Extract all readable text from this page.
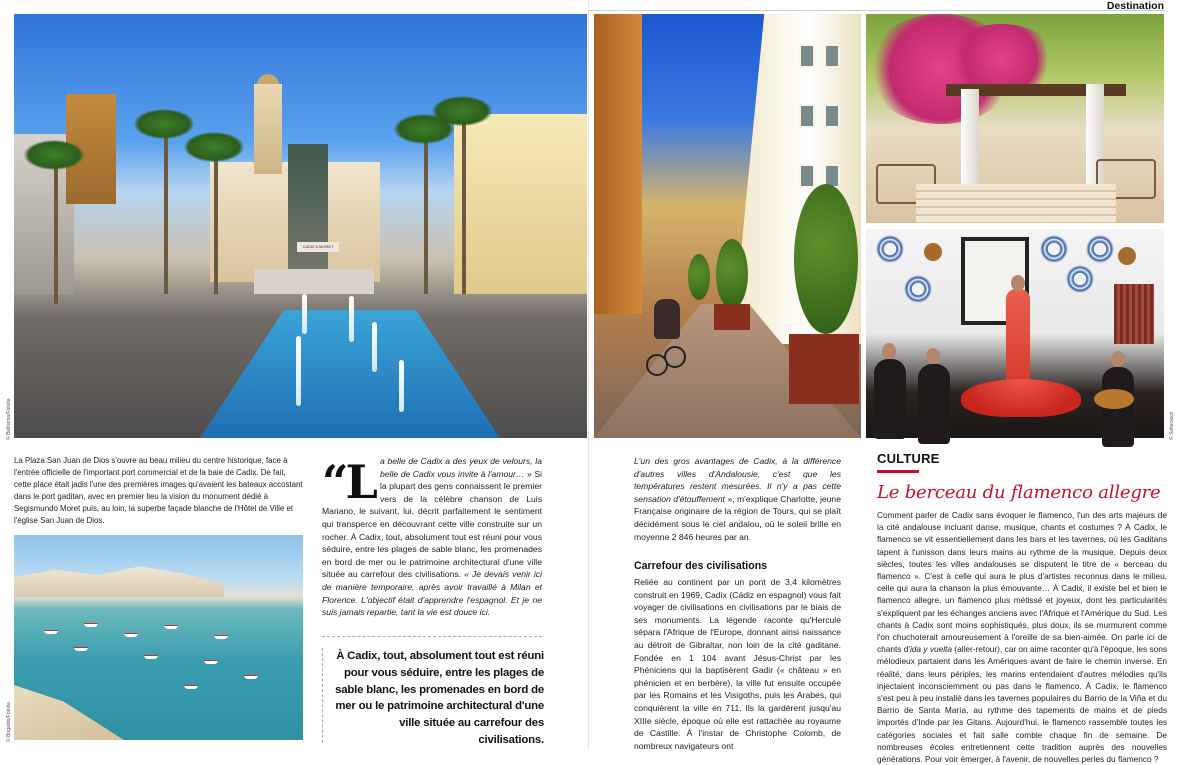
CADIZ A MORET
© Bellisima/Fotolia
La Plaza San Juan de Dios s'ouvre au beau milieu du centre historique, face à l'entrée officielle de l'important port commercial et de la baie de Cadix. De fait, cette place était jadis l'une des premières images qu'avaient les bateaux accostant dans le port gaditan, avec en premier lieu la vision du monument dédié à Segismundo Moret puis, au loin, la superbe façade blanche de l'Hôtel de Ville et l'église San Juan de Dios.
© Bogaldo/Fotolia
“L a belle de Cadix a des yeux de velours, la belle de Cadix vous invite à l'amour… » Si la plupart des gens connaissent le premier vers de la célèbre chanson de Luis Mariano, le suivant, lui, décrit parfaitement le sentiment qui transperce en découvrant cette ville construite sur un rocher. À Cadix, tout, absolument tout est réuni pour vous séduire, entre les plages de sable blanc, les promenades en bord de mer ou le patrimoine architectural d'une ville située au carrefour des civilisations. « Je devais venir ici de manière temporaire, après avoir travaillé à Milan et Florence. L'objectif était d'apprendre l'espagnol. Et je ne suis jamais repartie, tant la vie est douce ici.
À Cadix, tout, absolument tout est réuni pour vous séduire, entre les plages de sable blanc, les promenades en bord de mer ou le patrimoine architectural d'une ville située au carrefour des civilisations.
Destination
© Saltersock
L'un des gros avantages de Cadix, à la différence d'autres villes d'Andalousie, c'est que les températures restent mesurées. Il n'y a pas cette sensation d'étouffement », m'explique Charlotte, jeune Française originaire de la région de Tours, qui se plaît décidément sous le ciel andalou, où le soleil brille en moyenne 2 846 heures par an.
Carrefour des civilisations
Reliée au continent par un pont de 3,4 kilomètres construit en 1969, Cadix (Cádiz en espagnol) vous fait voyager de civilisations en civilisations par le biais de ses monuments. La légende raconte qu'Hercule sépara l'Afrique de l'Europe, donnant ainsi naissance au détroit de Gibraltar, non loin de la cité gaditane. Fondée en 1 104 avant Jésus-Christ par les Phéniciens qui la baptisèrent Gadir (« château » en phénicien et en berbère), la ville fut ensuite occupée par les Romains et les Visigoths, puis les Arabes, qui conquièrent la ville en 711. Ils la gardèrent jusqu'au XIIIe siècle, époque où elle est rattachée au royaume de Castille. À l'instar de Christophe Colomb, de nombreux navigateurs ont
CULTURE
Le berceau du flamenco allegre
Comment parler de Cadix sans évoquer le flamenco, l'un des arts majeurs de la cité andalouse incluant danse, musique, chants et costumes ? À Cadix, le flamenco se vit essentiellement dans les bars et les tavernes, où les Gaditans tapent à l'unisson dans leurs mains au rythme de la musique. Depuis deux siècles, toutes les villes andalouses se disputent le titre de « berceau du flamenco ». C'est à celle qui aura le plus d'artistes reconnus dans le milieu, celle qui aura la chanson la plus émouvante… À Cadix, il existe bel et bien le flamenco allegre, un flamenco plus métissé et joyeux, dont les particularités s'expliquent par les échanges anciens avec l'Afrique et l'Amérique du Sud. Les chants à Cadix sont moins sophistiqués, plus doux, ils se murmurent comme l'on chuchoterait amoureusement à l'oreille de sa bien-aimée. On parle ici de chants d'ida y vuelta (aller-retour), car on aime raconter qu'à l'époque, les sons mélodieux partaient dans les Amériques avant de faire le chemin inverse. En réalité, dans leurs périples, les marins entendaient d'autres mélodies qu'ils injectaient inconsciemment ou pas dans le flamenco. À Cadix, le flamenco s'est peu à peu installé dans les tavernes populaires du Barrio de la Viña et du Barrio de Santa María, au rythme des tapements de mains et de pieds importés d'Inde par les Gitans. Aujourd'hui, le flamenco rassemble toutes les catégories sociales et fait salle comble chaque fin de semaine. De nombreuses écoles entretiennent cette tradition auprès des nouvelles générations. Pour voir émerger, à l'avenir, de nouvelles perles du flamenco ?
